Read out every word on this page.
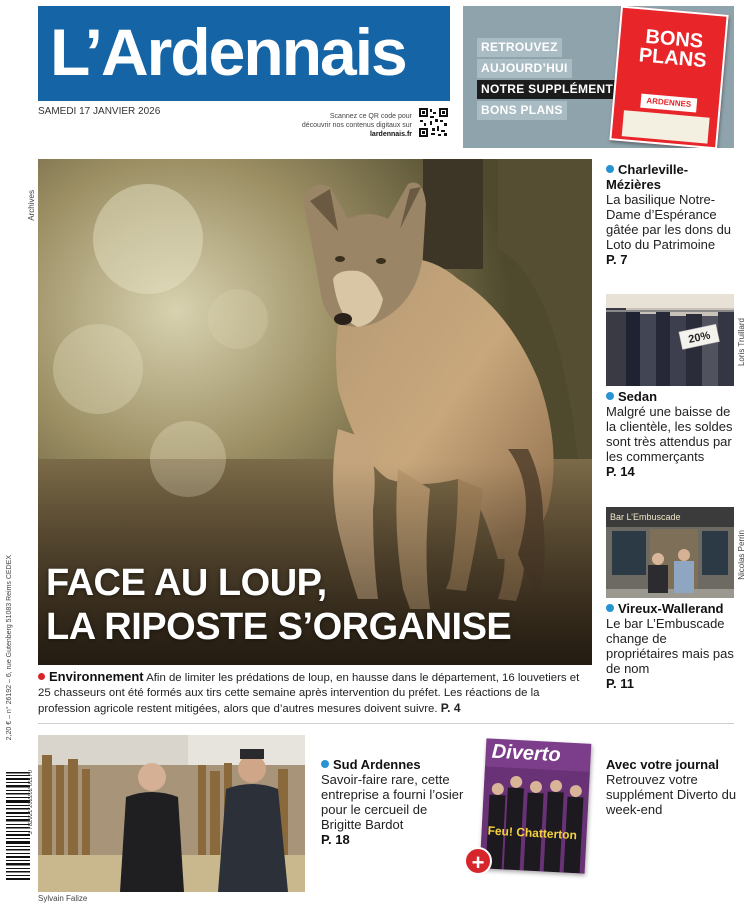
L’Ardennais
SAMEDI 17 JANVIER 2026	Scannez ce QR code pour découvrir nos contenus digitaux sur lardennais.fr
RETROUVEZ
AUJOURD’HUI
NOTRE SUPPLÉMENT
BONS PLANS
BONS PLANS
ARDENNES
FACE AU LOUP,
LA RIPOSTE S’ORGANISE
Archives
Environnement Afin de limiter les prédations de loup, en hausse dans le département, 16 louvetiers et 25 chasseurs ont été formés aux tirs cette semaine après intervention du préfet. Les réactions de la profession agricole restent mitigées, alors que d’autres mesures doivent suivre. P. 4
Charleville-Mézières
La basilique Notre-Dame d’Espérance gâtée par les dons du Loto du Patrimoine
P. 7
20%	Loris Truillard
Sedan
Malgré une baisse de la clientèle, les soldes sont très attendus par les commerçants
P. 14
Bar L’Embuscade
Nicolas Perrin
Vireux-Wallerand
Le bar L’Embuscade change de propriétaires mais pas de nom
P. 11
Sylvain Falize
Sud Ardennes
Savoir-faire rare, cette entreprise a fourni l’osier pour le cercueil de Brigitte Bardot
P. 18
Diverto
Feu! Chatterton
+
Avec votre journal
Retrouvez votre supplément Diverto du week-end
2,20 € – n° 26192 – 6, rue Gutenberg 51083 Reims CEDEX
3 782921 202202 01170
